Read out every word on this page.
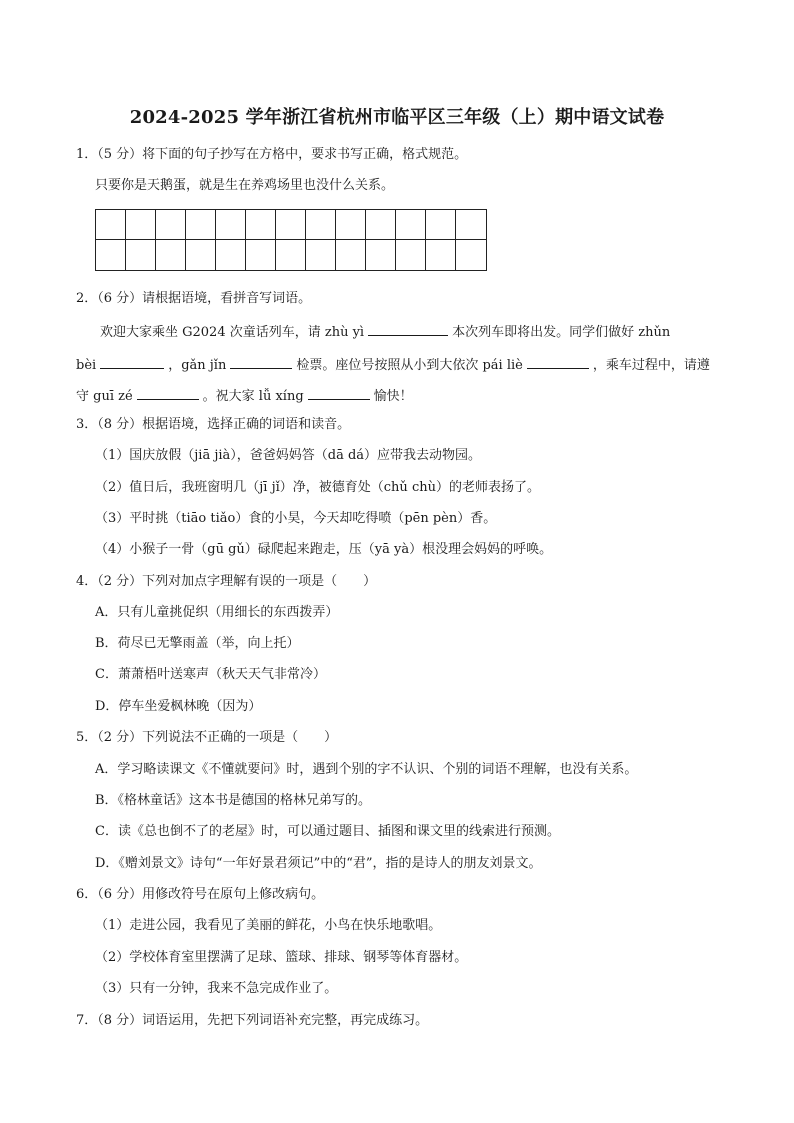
2024-2025 学年浙江省杭州市临平区三年级（上）期中语文试卷
1．（5 分）将下面的句子抄写在方格中，要求书写正确，格式规范。
只要你是天鹅蛋，就是生在养鸡场里也没什么关系。
2．（6 分）请根据语境，看拼音写词语。
欢迎大家乘坐 G2024 次童话列车，请 zhù yì	本次列车即将出发。同学们做好 zhǔn
bèi	，gǎn jǐn	检票。座位号按照从小到大依次 pái liè	，乘车过程中，请遵
守 guī zé	。祝大家 lǚ xíng	愉快！
3．（8 分）根据语境，选择正确的词语和读音。
（1）国庆放假（jiā jià），爸爸妈妈答（dā dá）应带我去动物园。
（2）值日后，我班窗明几（jī jǐ）净，被德育处（chǔ chù）的老师表扬了。
（3）平时挑（tiāo tiǎo）食的小昊，今天却吃得喷（pēn pèn）香。
（4）小猴子一骨（gū gǔ）碌爬起来跑走，压（yā yà）根没理会妈妈的呼唤。
4．（2 分）下列对加点字理解有误的一项是（　　）
A．只有儿童挑促织（用细长的东西拨弄）
B．荷尽已无擎雨盖（举，向上托）
C．萧萧梧叶送寒声（秋天天气非常冷）
D．停车坐爱枫林晚（因为）
5．（2 分）下列说法不正确的一项是（　　）
A．学习略读课文《不懂就要问》时，遇到个别的字不认识、个别的词语不理解，也没有关系。
B．《格林童话》这本书是德国的格林兄弟写的。
C．读《总也倒不了的老屋》时，可以通过题目、插图和课文里的线索进行预测。
D．《赠刘景文》诗句“一年好景君须记”中的“君”，指的是诗人的朋友刘景文。
6．（6 分）用修改符号在原句上修改病句。
（1）走进公园，我看见了美丽的鲜花，小鸟在快乐地歌唱。
（2）学校体育室里摆满了足球、篮球、排球、钢琴等体育器材。
（3）只有一分钟，我来不急完成作业了。
7．（8 分）词语运用，先把下列词语补充完整，再完成练习。
